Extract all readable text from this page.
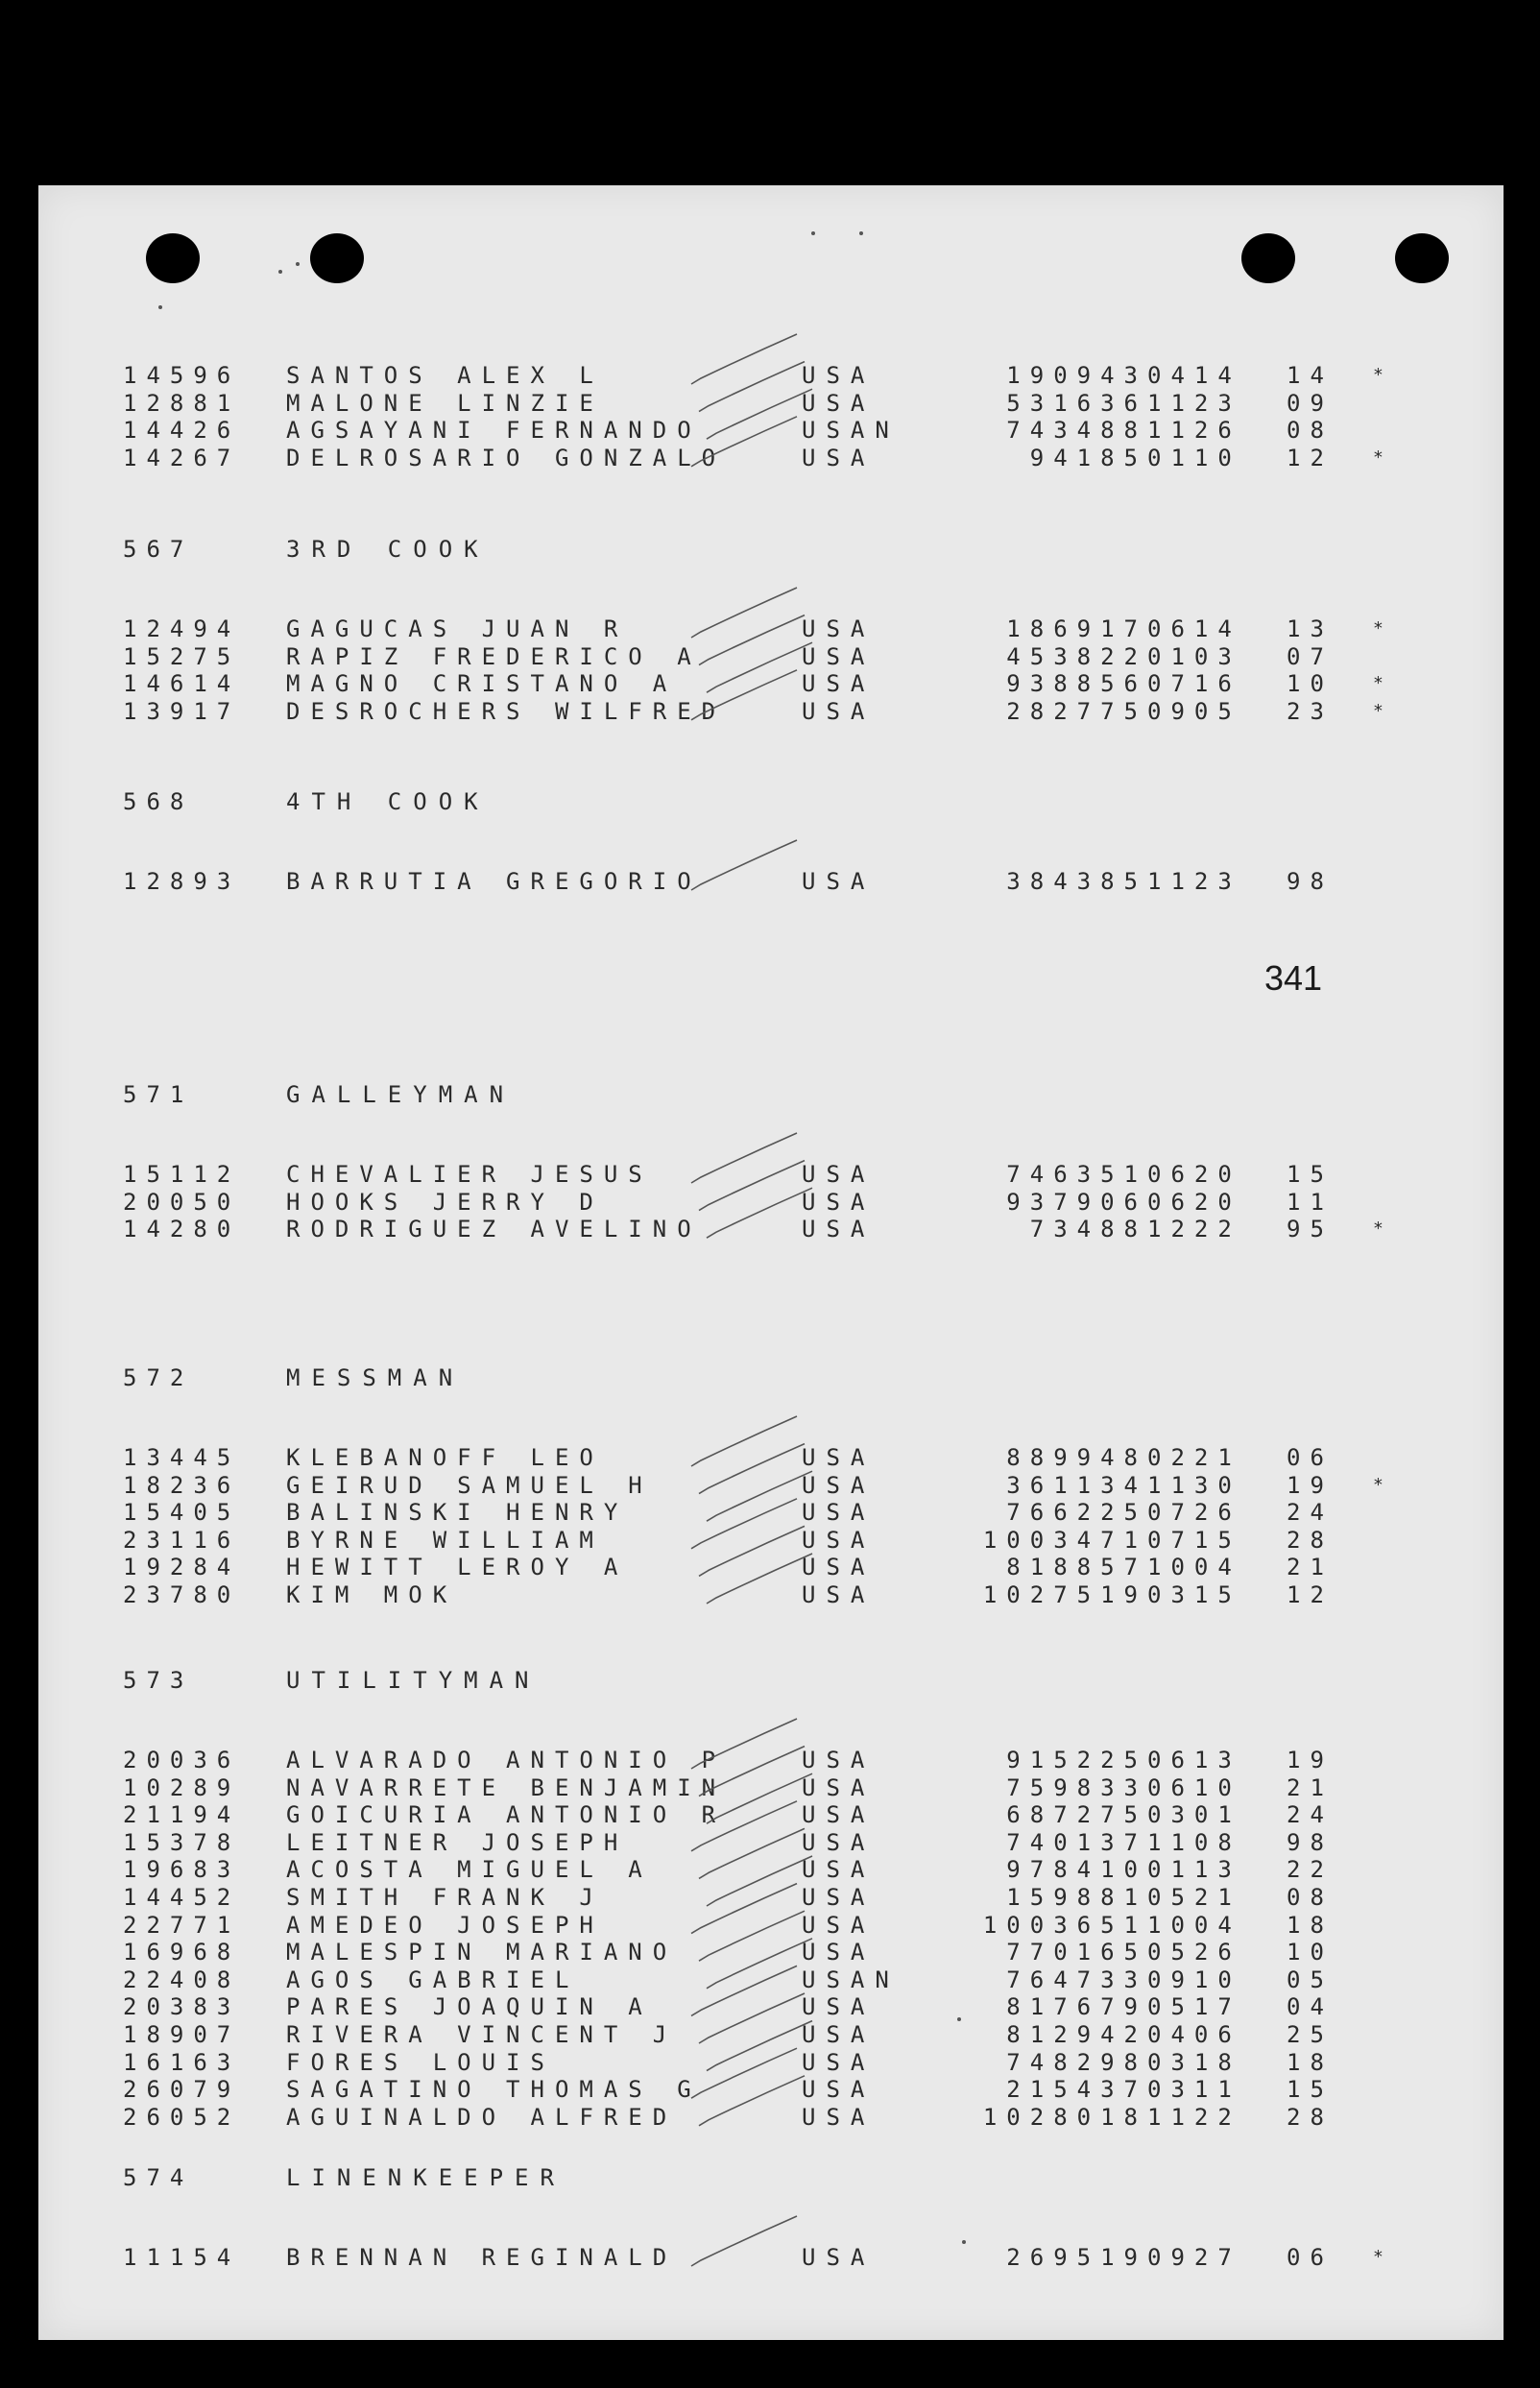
341
14596 SANTOS ALEX L	USA	190943 0414 14 *
12881 MALONE LINZIE	USA	531636 1123 09
14426 AGSAYANI FERNANDO	USAN	743488 1126 08
14267 DELROSARIO GONZALO	USA	94185 0110 12 *
567	3RD COOK
12494 GAGUCAS JUAN R	USA	186917 0614 13 *
15275 RAPIZ FREDERICO A	USA	453822 0103 07
14614 MAGNO CRISTANO A	USA	938856 0716 10 *
13917 DESROCHERS WILFRED	USA	282775 0905 23 *
568	4TH COOK
12893 BARRUTIA GREGORIO	USA	384385 1123 98
571	GALLEYMAN
15112 CHEVALIER JESUS	USA	746351 0620 15
20050 HOOKS JERRY D	USA	937906 0620 11
14280 RODRIGUEZ AVELINO	USA	73488 1222 95 *
572	MESSMAN
13445 KLEBANOFF LEO	USA	889948 0221 06
18236 GEIRUD SAMUEL H	USA	361134 1130 19 *
15405 BALINSKI HENRY	USA	766225 0726 24
23116 BYRNE WILLIAM	USA	1003471 0715 28
19284 HEWITT LEROY A	USA	818857 1004 21
23780 KIM MOK	USA	1027519 0315 12
573	UTILITYMAN
20036 ALVARADO ANTONIO P	USA	915225 0613 19
10289 NAVARRETE BENJAMIN	USA	759833 0610 21
21194 GOICURIA ANTONIO R	USA	687275 0301 24
15378 LEITNER JOSEPH	USA	740137 1108 98
19683 ACOSTA MIGUEL A	USA	978410 0113 22
14452 SMITH FRANK J	USA	159881 0521 08
22771 AMEDEO JOSEPH	USA	1003651 1004 18
16968 MALESPIN MARIANO	USA	770165 0526 10
22408 AGOS GABRIEL	USAN	764733 0910 05
20383 PARES JOAQUIN A	USA	817679 0517 04
18907 RIVERA VINCENT J	USA	812942 0406 25
16163 FORES LOUIS	USA	748298 0318 18
26079 SAGATINO THOMAS G	USA	215437 0311 15
26052 AGUINALDO ALFRED	USA	1028018 1122 28
574	LINENKEEPER
11154 BRENNAN REGINALD	USA	269519 0927 06 *
